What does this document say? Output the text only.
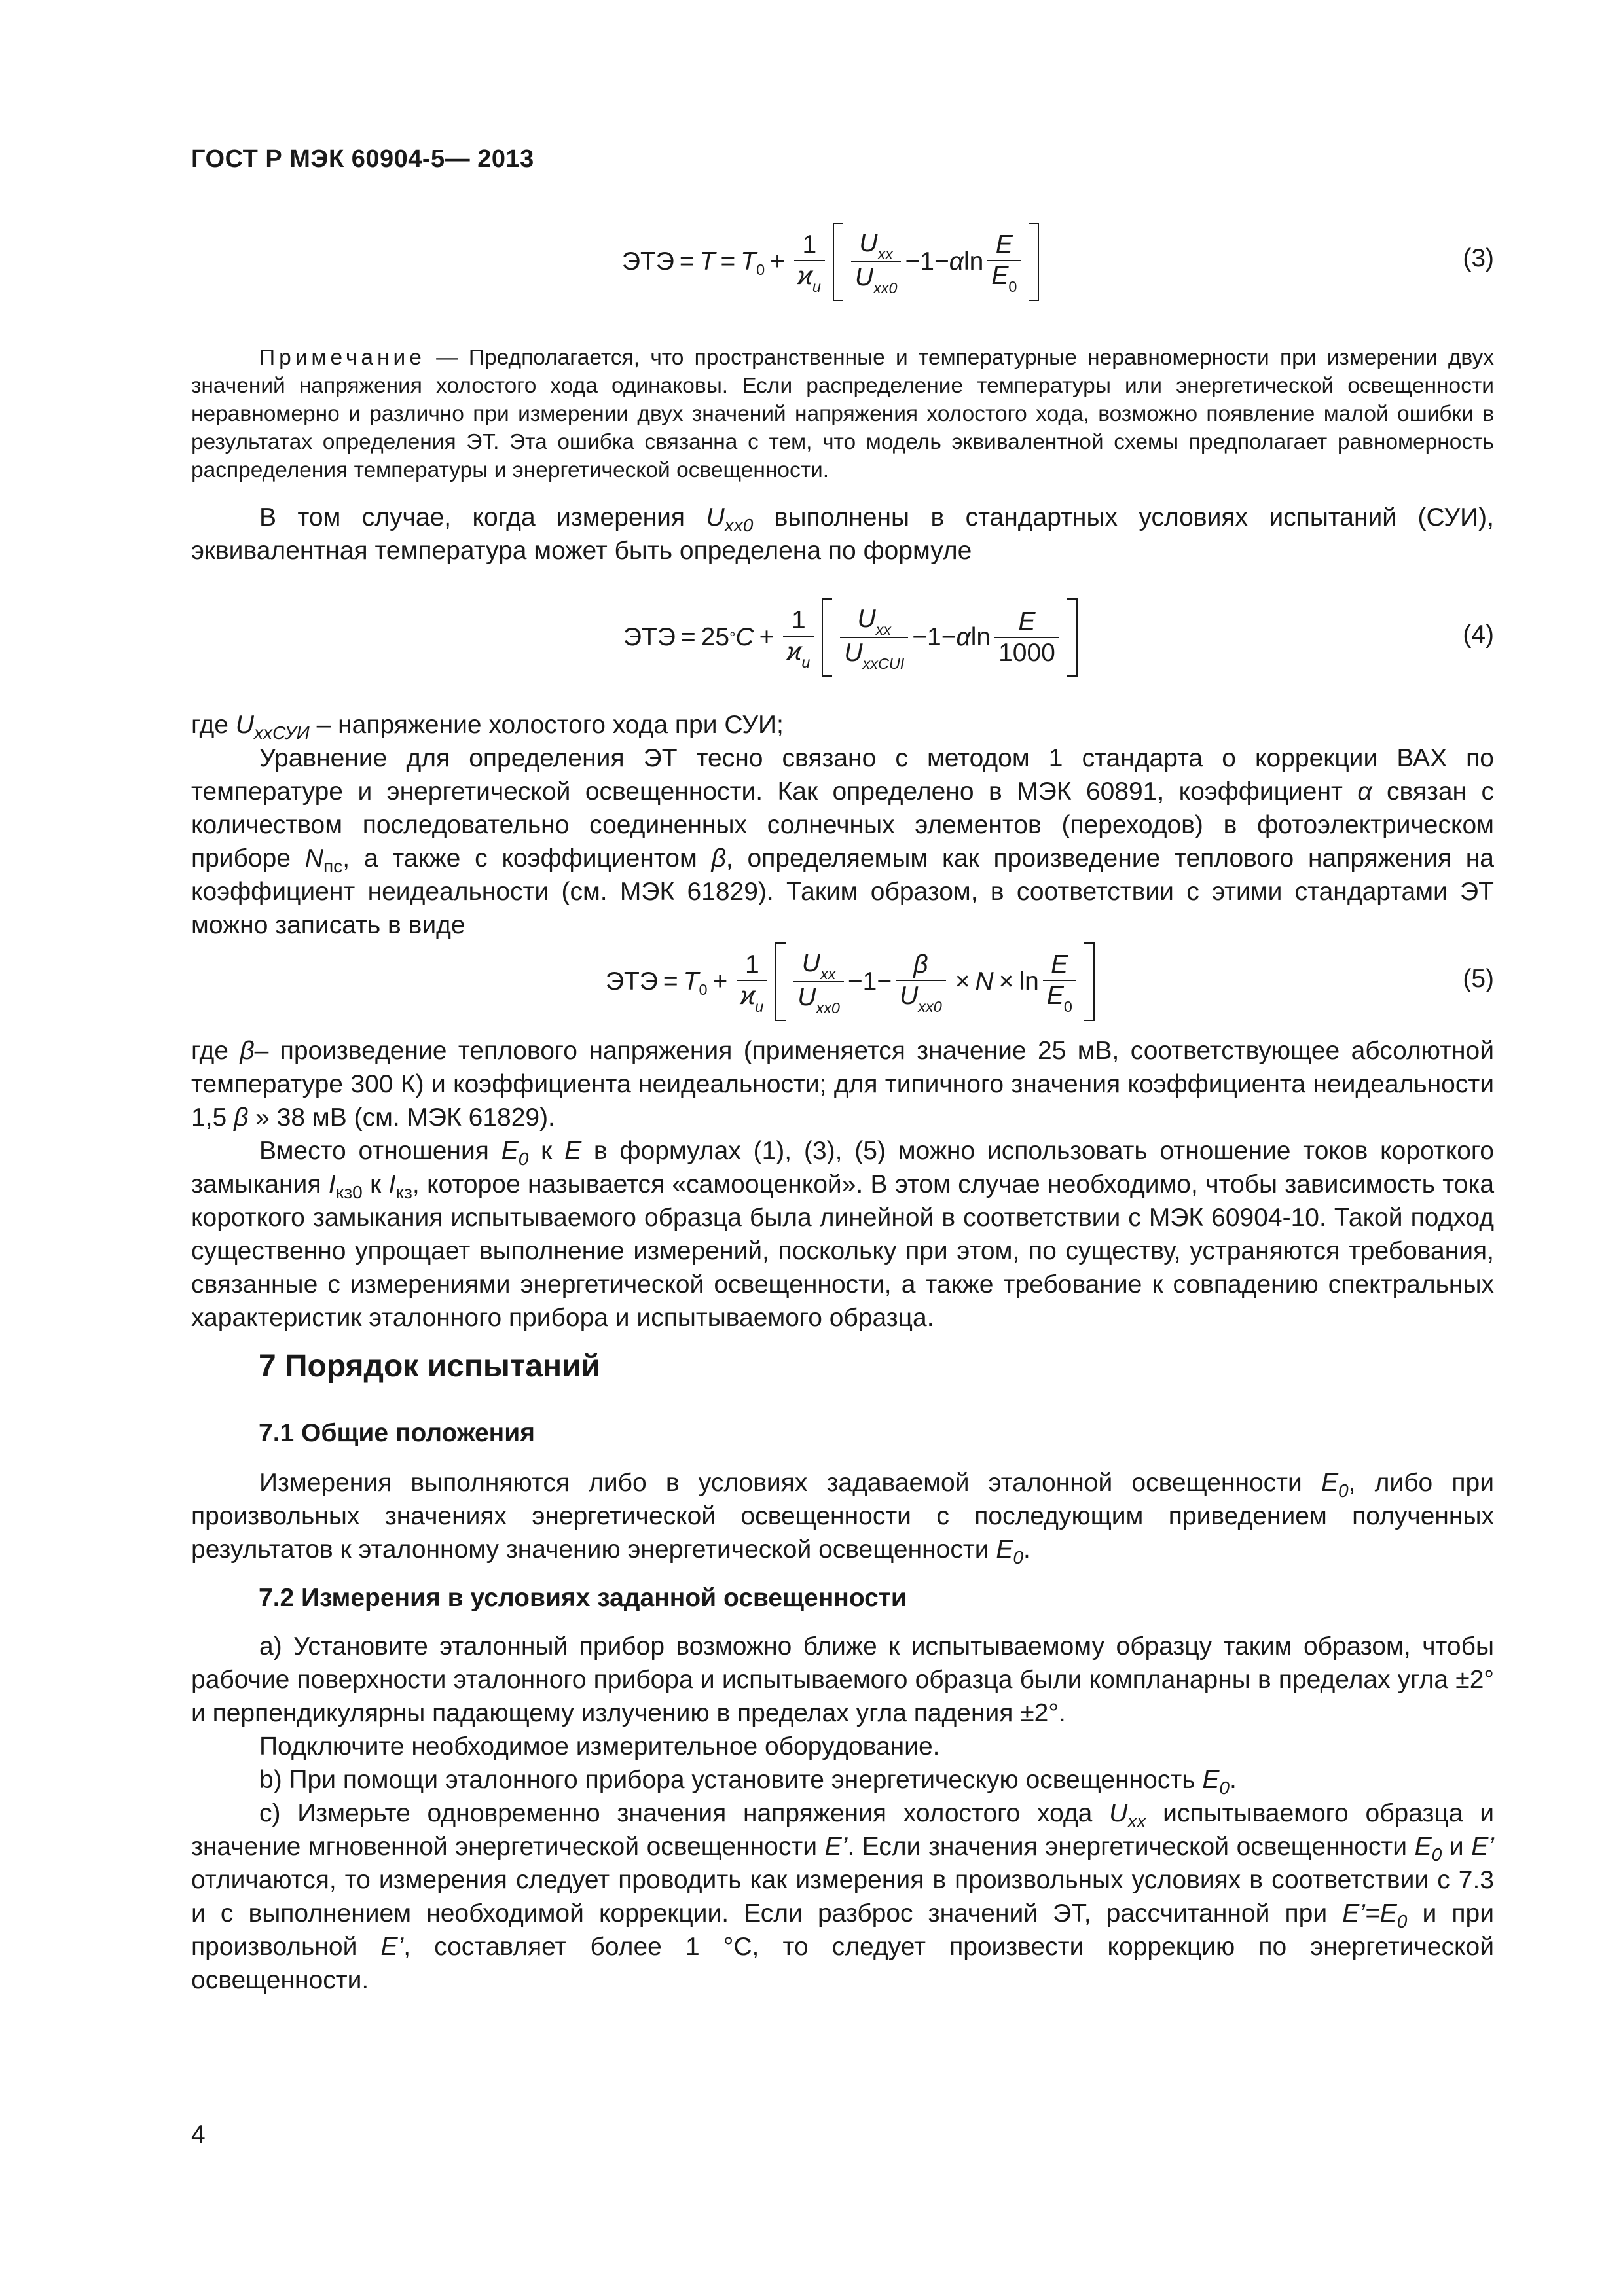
ГОСТ Р МЭК 60904-5— 2013
ЭТЭ = T = T $0 + \frac{1}{ϰ_и} \frac{U_{xx}}{U_{xx0}} -1- \alpha$ $\ln \frac{E}{E_0}$	(3)
Примечание — Предполагается, что пространственные и температурные неравномерности при измерении двух значений напряжения холостого хода одинаковы. Если распределение температуры или энергетической освещенности неравномерно и различно при измерении двух значений напряжения холостого хода, возможно появление малой ошибки в результатах определения ЭТ. Эта ошибка связанна с тем, что модель эквивалентной схемы предполагает равномерность распределения температуры и энергетической освещенности.
В том случае, когда измерения $U_{xx0}$ выполнены в стандартных условиях испытаний (СУИ), эквивалентная температура может быть определена по формуле
ЭТЭ = 25 ° $C + \frac{1}{ϰ_и} \frac{U_{xx}}{U_{xxCUI}} -1- \alpha$ $\ln \frac{E}{1000}$	(4)
где $U_{xxСУИ}$ – напряжение холостого хода при СУИ;
Уравнение для определения ЭТ тесно связано с методом 1 стандарта о коррекции ВАХ по температуре и энергетической освещенности. Как определено в МЭК 60891, коэффициент α связан с количеством последовательно соединенных солнечных элементов (переходов) в фотоэлектрическом приборе $N_{пс}$, а также с коэффициентом β, определяемым как произведение теплового напряжения на коэффициент неидеальности (см. МЭК 61829). Таким образом, в соответствии с этими стандартами ЭТ можно записать в виде
ЭТЭ = T $0 + \frac{1}{ϰ_и} \frac{U_{xx}}{U_{xx0}} -1- \frac{\beta}{U_{xx0}} \times N \times \ln \frac{E}{E_0}$	(5)
где β– произведение теплового напряжения (применяется значение 25 мВ, соответствующее абсолютной температуре 300 К) и коэффициента неидеальности; для типичного значения коэффициента неидеальности 1,5 β » 38 мВ (см. МЭК 61829).
Вместо отношения $E_0$ к E в формулах (1), (3), (5) можно использовать отношение токов короткого замыкания $I_{кз0}$ к $I_{кз}$, которое называется «самооценкой». В этом случае необходимо, чтобы зависимость тока короткого замыкания испытываемого образца была линейной в соответствии с МЭК 60904-10. Такой подход существенно упрощает выполнение измерений, поскольку при этом, по существу, устраняются требования, связанные с измерениями энергетической освещенности, а также требование к совпадению спектральных характеристик эталонного прибора и испытываемого образца.
7 Порядок испытаний
7.1 Общие положения
Измерения выполняются либо в условиях задаваемой эталонной освещенности $E_0$, либо при произвольных значениях энергетической освещенности с последующим приведением полученных результатов к эталонному значению энергетической освещенности $E_0$.
7.2 Измерения в условиях заданной освещенности
a) Установите эталонный прибор возможно ближе к испытываемому образцу таким образом, чтобы рабочие поверхности эталонного прибора и испытываемого образца были компланарны в пределах угла ±2° и перпендикулярны падающему излучению в пределах угла падения ±2°.
Подключите необходимое измерительное оборудование.
b) При помощи эталонного прибора установите энергетическую освещенность $E_0$.
c) Измерьте одновременно значения напряжения холостого хода $U_{xx}$ испытываемого образца и значение мгновенной энергетической освещенности E’. Если значения энергетической освещенности $E_0$ и E’ отличаются, то измерения следует проводить как измерения в произвольных условиях в соответствии с 7.3 и с выполнением необходимой коррекции. Если разброс значений ЭТ, рассчитанной при $E’=E_0$ и при произвольной E’, составляет более 1 °С, то следует произвести коррекцию по энергетической освещенности.
4
